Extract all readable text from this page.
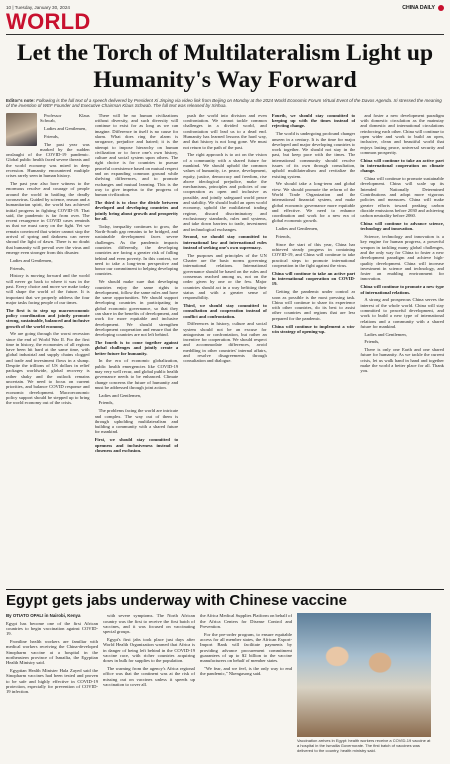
10 | Tuesday, January 30, 2024	CHINA DAILY
WORLD
Let the Torch of Multilateralism Light up Humanity's Way Forward
Editor's note: Following is the full text of a speech delivered by President Xi Jinping via video link from Beijing on Monday at the 2024 World Economic Forum Virtual Event of the Davos Agenda. Xi stressed the meaning of the invention of WEF Founder and Executive Chairman Klaus Schwab. The full text was released by Xinhua.

Professor Klaus Schwab,

Ladies and Gentlemen,

Friends,

The past year was marked by the sudden onslaught of the COVID-19 pandemic. Global public health faced severe threats and the world economy was mired in deep recession. Humanity encountered multiple crises rarely seen in human history.

The past year also bore witness to the enormous resolve and courage of people around the world in battling the deadly coronavirus. Guided by science, reason and a humanitarian spirit, the world has achieved initial progress in fighting COVID-19. That said, the pandemic is far from over. The recent resurgence in COVID cases reminds us that we must carry on the fight. Yet we remain convinced that winter cannot stop the arrival of spring and darkness can never shroud the light of dawn. There is no doubt that humanity will prevail over the virus and emerge even stronger from this disaster.

Ladies and Gentlemen,

Friends,

History is moving forward and the world will never go back to where it was in the past. Every choice and move we make today will shape the world of the future. It is important that we properly address the four major tasks facing people of our times.

The first is to step up macroeconomic policy coordination and jointly promote strong, sustainable, balanced and inclusive growth of the world economy.

We are going through the worst recession since the end of World War II. For the first time in history, the economies of all regions have been hit hard at the same time, with global industrial and supply chains clogged and trade and investment flows in a slump. Despite the trillions of US dollars in relief packages worldwide, global recovery is rather shaky and the outlook remains uncertain. We need to focus on current priorities, and balance COVID response and economic development. Macroeconomic policy support should be stepped up to bring the world economy out of the crisis.

There will be no human civilizations without diversity, and such diversity will continue to exist for as long as we can imagine. Difference in itself is no cause for alarm. What does ring the alarm is arrogance, prejudice and hatred; it is the attempt to impose hierarchy on human civilization or to force one's own history, culture and social system upon others. The right choice is for countries to pursue peaceful coexistence based on mutual respect and on expanding common ground while shelving differences, and to promote exchanges and mutual learning. This is the way to give impetus to the progress of human civilization.

The third is to close the divide between developed and developing countries and jointly bring about growth and prosperity for all.

Today, inequality continues to grow, the North-South gap remains to be bridged, and sustainable development faces severe challenges. As the pandemic impacts countries differently, the developing countries are facing a greater risk of falling behind and even poverty. In this context, we need to take a long-term perspective and honor our commitment to helping developing countries.

We should make sure that developing countries enjoy the same rights to development, follow the same rules and have the same opportunities. We should support developing countries in participating in global economic governance, so that they can share in the benefits of development, and work for more equitable and inclusive development. We should strengthen development cooperation and ensure that the developing countries are not left behind.

The fourth is to come together against global challenges and jointly create a better future for humanity.

In the era of economic globalization, public health emergencies like COVID-19 may very well recur, and global public health governance needs to be enhanced. Climate change concerns the future of humanity and must be addressed through joint action.

Ladies and Gentlemen,

Friends,

The problems facing the world are intricate and complex. The way out of them is through upholding multilateralism and building a community with a shared future for mankind.

First, we should stay committed to openness and inclusiveness instead of closeness and exclusion.

push the world into division and even confrontation. We cannot tackle common challenges in a divided world, and confrontation will lead us to a dead end. Humanity has learned lessons the hard way, and that history is not long gone. We must not return to the path of the past.

The right approach is to act on the vision of a community with a shared future for mankind. We should uphold the common values of humanity, i.e. peace, development, equity, justice, democracy and freedom, rise above ideological prejudice, make the mechanisms, principles and policies of our cooperation as open and inclusive as possible, and jointly safeguard world peace and stability. We should build an open world economy, uphold the multilateral trading regime, discard discriminatory and exclusionary standards, rules and systems, and take down barriers to trade, investment and technological exchanges.

Second, we should stay committed to international law and international rules instead of seeking one's own supremacy.

The purposes and principles of the UN Charter are the basic norms governing international relations. International governance should be based on the rules and consensus reached among us, not on the order given by one or the few. Major countries should act in a way befitting their status and with a greater sense of responsibility.

Third, we should stay committed to consultation and cooperation instead of conflict and confrontation.

Differences in history, culture and social system should not be an excuse for antagonism or confrontation, but rather an incentive for cooperation. We should respect and accommodate differences, avoid meddling in other countries' internal affairs, and resolve disagreements through consultation and dialogue.

Fourth, we should stay committed to keeping up with the times instead of rejecting change.

The world is undergoing profound changes unseen in a century. It is the time for major developed and major developing countries to work together. We should not stay in the past, but keep pace with the times. The international community should resolve issues of its own through consultation, uphold multilateralism and revitalize the existing system.

We should take a long-term and global view. We should promote the reform of the World Trade Organization and the international financial system, and make global economic governance more equitable and effective. We need to enhance coordination and work for a new era of global economic growth.

Ladies and Gentlemen,

Friends,

Since the start of this year, China has achieved steady progress in containing COVID-19, and China will continue to take practical steps to promote international cooperation in the fight against the virus.

China will continue to take an active part in international cooperation on COVID-19.

Getting the pandemic under control as soon as possible is the most pressing task. China will continue to share its experience with other countries, do its best to assist other countries and regions that are less prepared for the pandemic.

China will continue to implement a win-win strategy of opening-up.

and foster a new development paradigm with domestic circulation as the mainstay and domestic and international circulations reinforcing each other. China will continue to open wider and work to build an open, inclusive, clean and beautiful world that enjoys lasting peace, universal security and common prosperity.

China will continue to take an active part in international cooperation on climate change.

China will continue to promote sustainable development. China will scale up its Intended Nationally Determined Contributions and adopt more vigorous policies and measures. China will make greater efforts toward peaking carbon dioxide emissions before 2030 and achieving carbon neutrality before 2060.

China will continue to advance science, technology and innovation.

Science, technology and innovation is a key engine for human progress, a powerful weapon in tackling many global challenges, and the only way for China to foster a new development paradigm and achieve high-quality development. China will increase investment in science and technology, and foster an enabling environment for innovation.

China will continue to promote a new type of international relations.

A strong and prosperous China serves the interest of the whole world. China will stay committed to peaceful development, and work to build a new type of international relations and a community with a shared future for mankind.

Ladies and Gentlemen,

Friends,

There is only one Earth and one shared future for humanity. As we tackle the current crisis, let us walk hand in hand and together make the world a better place for all. Thank you.

Egypt gets jabs underway with Chinese vaccine
By OTIATO OPALI in Nairobi, Kenya

Egypt has become one of the first African countries to begin vaccination against COVID-19.

Frontline health workers are familiar with medical workers receiving the China-developed Sinopharm vaccine at a hospital in the northeastern province of Ismailia, the Egyptian Health Ministry said.

Egyptian Health Minister Hala Zayed said the Sinopharm vaccines had been tested and proven to be safe and highly effective in COVID-19 protection, especially for prevention of COVID-19 infection.

with severe symptoms. The North African country was the first to receive the first batch of vaccines, and it was focused on vaccinating special groups.

Egypt's first jabs took place just days after World Health Organization warned that Africa is in danger of being left behind in the COVID-19 vaccine race, with richer countries acquiring doses in bulk for supplies to the population.

The warning from the agency's Africa regional office was that the continent was at the risk of missing out on vaccines unless it speeds up vaccination to cover all.

the Africa Medical Supplies Platform on behalf of the Africa Centers for Disease Control and Prevention.

For the pre-order program, to ensure equitable access for all member states, the African Export-Import Bank will facilitate payments by providing advance procurement commitment guarantees of up to $2 billion to the vaccine manufacturers on behalf of member states.

"We fear, and we feel, is the only way to end the pandemic," Nkengasong said.

Vaccination arrives in Egypt: health workers receive a COVID-19 vaccine at a hospital in the Ismailia Governorate. The first batch of vaccines was delivered to the country, health ministry said.
